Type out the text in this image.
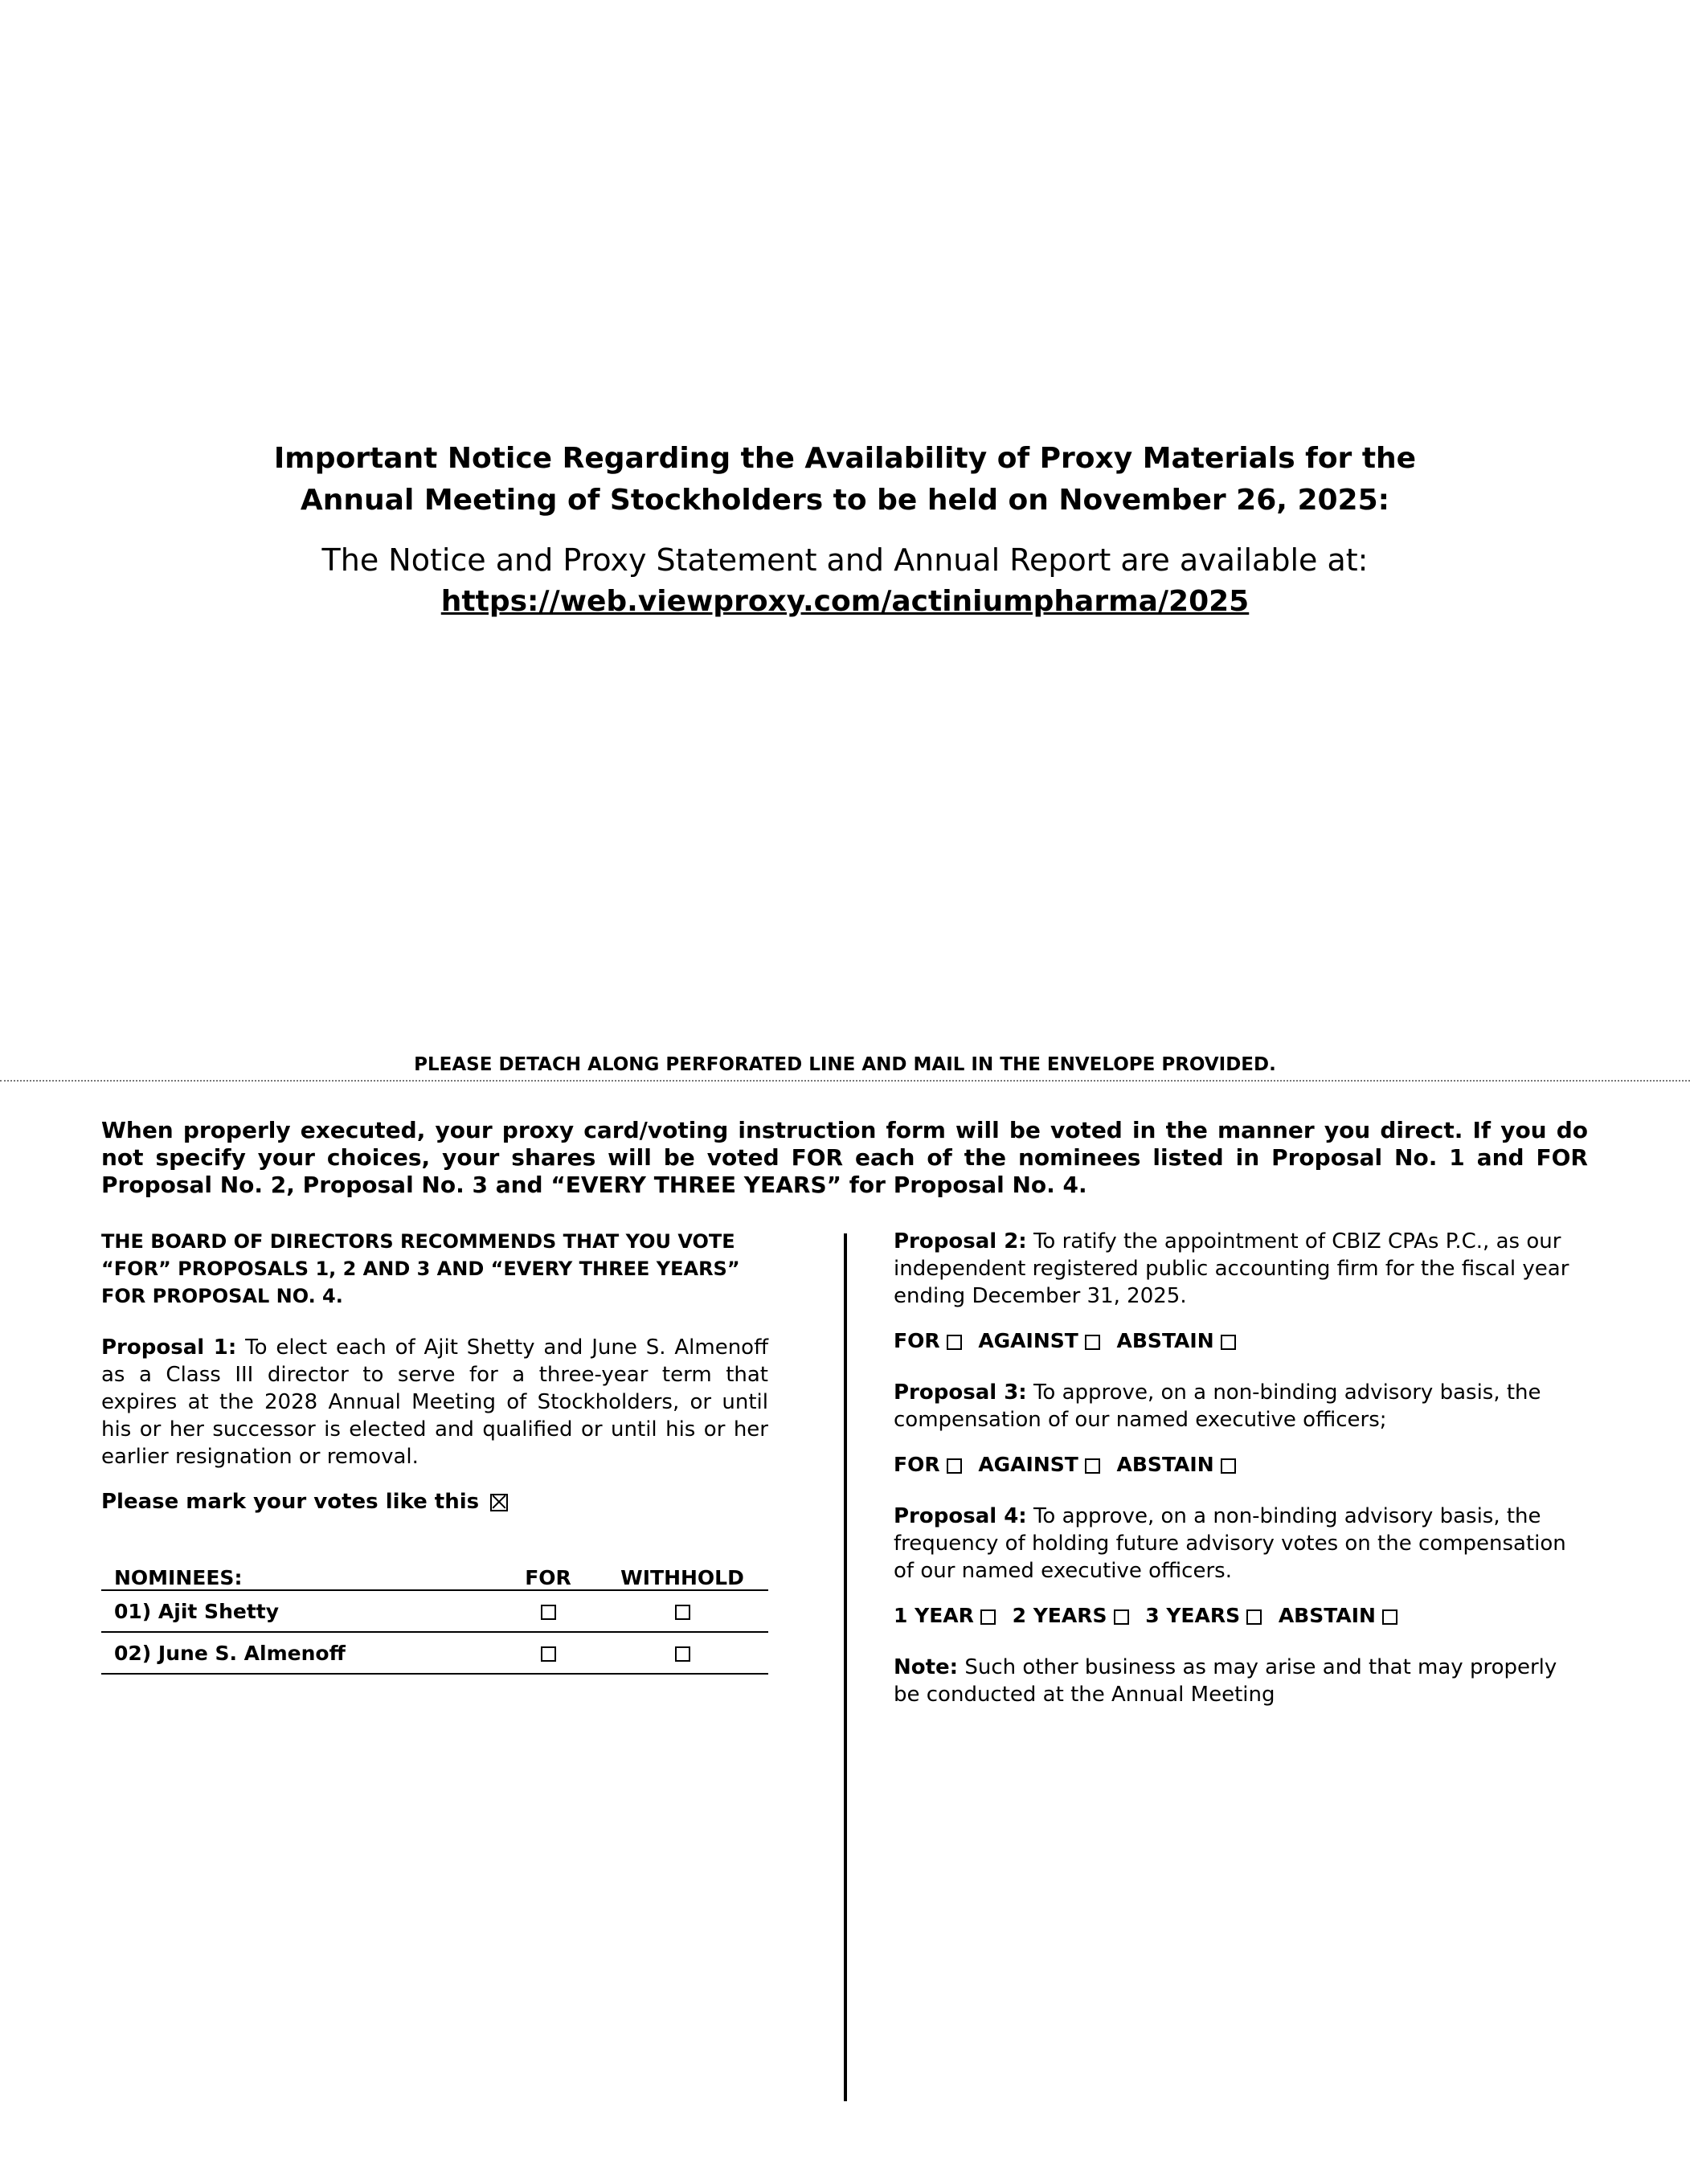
Important Notice Regarding the Availability of Proxy Materials for the
Annual Meeting of Stockholders to be held on November 26, 2025:
The Notice and Proxy Statement and Annual Report are available at:
https://web.viewproxy.com/actiniumpharma/2025
PLEASE DETACH ALONG PERFORATED LINE AND MAIL IN THE ENVELOPE PROVIDED.
When properly executed, your proxy card/voting instruction form will be voted in the manner you direct. If you do not specify your choices, your shares will be voted FOR each of the nominees listed in Proposal No. 1 and FOR Proposal No. 2, Proposal No. 3 and “EVERY THREE YEARS” for Proposal No. 4.
THE BOARD OF DIRECTORS RECOMMENDS THAT YOU VOTE “FOR” PROPOSALS 1, 2 AND 3 AND “EVERY THREE YEARS” FOR PROPOSAL NO. 4.
Proposal 1: To elect each of Ajit Shetty and June S. Almenoff as a Class III director to serve for a three-year term that expires at the 2028 Annual Meeting of Stockholders, or until his or her successor is elected and qualified or until his or her earlier resignation or removal.
Please mark your votes like this
NOMINEES:	FOR	WITHHOLD
01) Ajit Shetty		
02) June S. Almenoff		
Proposal 2: To ratify the appointment of CBIZ CPAs P.C., as our independent registered public accounting firm for the fiscal year ending December 31, 2025.
FOR AGAINST ABSTAIN
Proposal 3: To approve, on a non-binding advisory basis, the compensation of our named executive officers;
FOR AGAINST ABSTAIN
Proposal 4: To approve, on a non-binding advisory basis, the frequency of holding future advisory votes on the compensation of our named executive officers.
1 YEAR 2 YEARS 3 YEARS ABSTAIN
Note: Such other business as may arise and that may properly be conducted at the Annual Meeting
